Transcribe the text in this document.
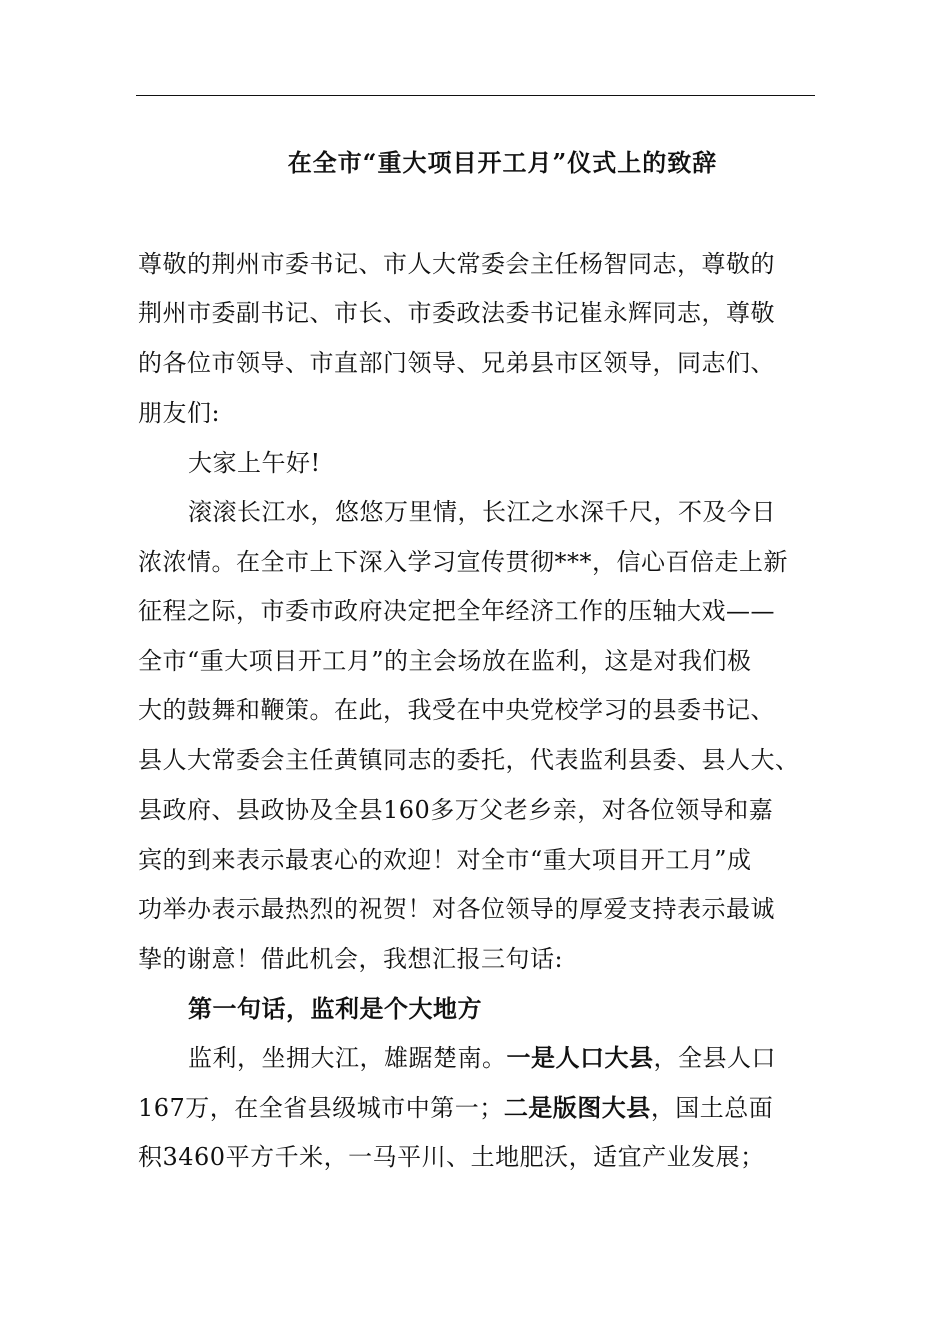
在全市“重大项目开工月”仪式上的致辞
尊敬的荆州市委书记、市人大常委会主任杨智同志，尊敬的
荆州市委副书记、市长、市委政法委书记崔永辉同志，尊敬
的各位市领导、市直部门领导、兄弟县市区领导，同志们、
朋友们:
大家上午好!
滚滚长江水，悠悠万里情，长江之水深千尺，不及今日
浓浓情。在全市上下深入学习宣传贯彻***，信心百倍走上新
征程之际，市委市政府决定把全年经济工作的压轴大戏——
全市“重大项目开工月”的主会场放在监利，这是对我们极
大的鼓舞和鞭策。在此，我受在中央党校学习的县委书记、
县人大常委会主任黄镇同志的委托，代表监利县委、县人大、
县政府、县政协及全县160多万父老乡亲，对各位领导和嘉
宾的到来表示最衷心的欢迎！对全市“重大项目开工月”成
功举办表示最热烈的祝贺！对各位领导的厚爱支持表示最诚
挚的谢意！借此机会，我想汇报三句话:
第一句话，监利是个大地方
监利，坐拥大江，雄踞楚南。一是人口大县，全县人口
167万，在全省县级城市中第一；二是版图大县，国土总面
积3460平方千米，一马平川、土地肥沃，适宜产业发展；
